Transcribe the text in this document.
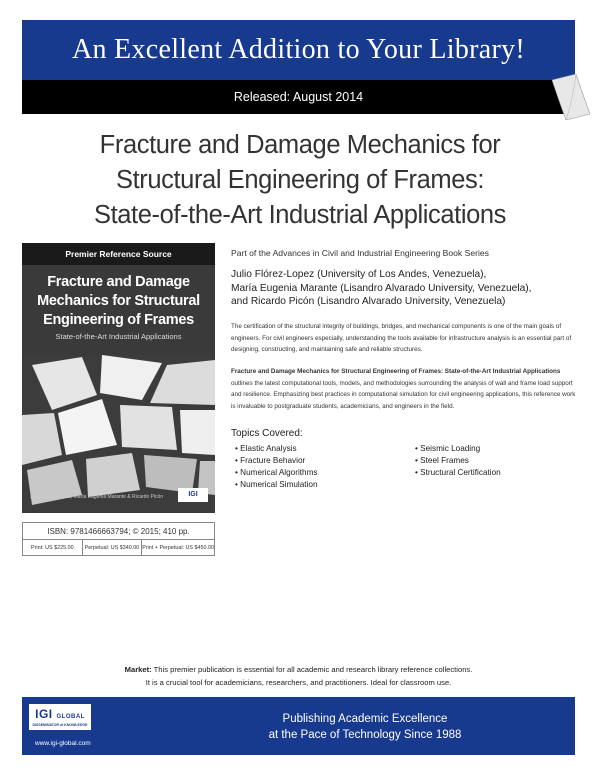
An Excellent Addition to Your Library!
Released: August 2014
Fracture and Damage Mechanics for
Structural Engineering of Frames:
State-of-the-Art Industrial Applications
Premier Reference Source
Fracture and Damage
Mechanics for Structural
Engineering of Frames
State-of-the-Art Industrial Applications
Julio Flórez-López, María Eugenia Marante & Ricardo Picón	IGI
ISBN: 9781466663794; © 2015; 410 pp.
Print: US $225.00	Perpetual: US $340.00 Print + Perpetual: US $450.00
Part of the Advances in Civil and Industrial Engineering Book Series
Julio Flórez-Lopez (University of Los Andes, Venezuela),
María Eugenia Marante (Lisandro Alvarado University, Venezuela),
and Ricardo Picón (Lisandro Alvarado University, Venezuela)

The certification of the structural integrity of buildings, bridges, and mechanical components is one of the main goals of engineers. For civil engineers especially, understanding the tools available for infrastructure analysis is an essential part of designing, constructing, and maintaining safe and reliable structures.

Fracture and Damage Mechanics for Structural Engineering of Frames: State-of-the-Art Industrial Applications outlines the latest computational tools, models, and methodologies surrounding the analysis of wall and frame load support and resilience. Emphasizing best practices in computational simulation for civil engineering applications, this reference work is invaluable to postgraduate students, academicians, and engineers in the field.

Topics Covered:
• Elastic Analysis
• Fracture Behavior
• Numerical Algorithms
• Numerical Simulation
• Seismic Loading
• Steel Frames
• Structural Certification
Market: This premier publication is essential for all academic and research library reference collections.
It is a crucial tool for academicians, researchers, and practitioners. Ideal for classroom use.
IGI GLOBAL
DISSEMINATOR of KNOWLEDGE
www.igi-global.com
Publishing Academic Excellence
at the Pace of Technology Since 1988
